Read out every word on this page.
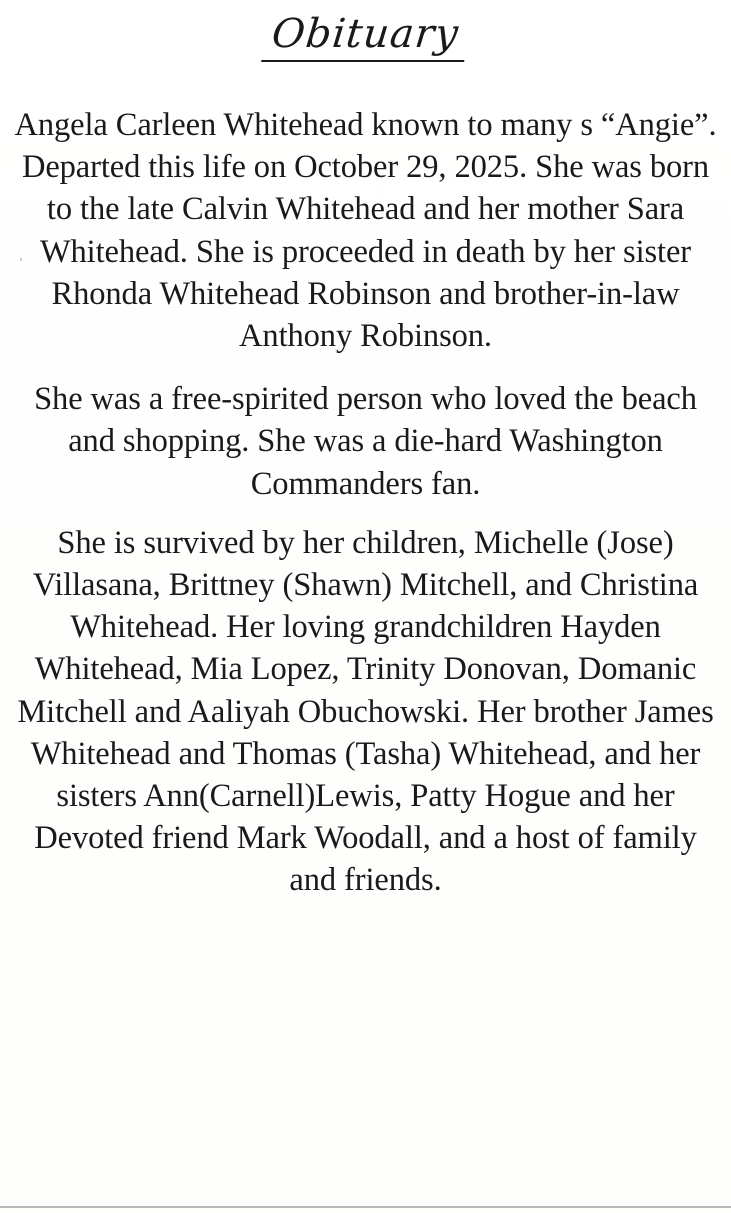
Obituary

Angela Carleen Whitehead known to many s “Angie”. Departed this life on October 29, 2025. She was born to the late Calvin Whitehead and her mother Sara Whitehead. She is proceeded in death by her sister Rhonda Whitehead Robinson and brother-in-law Anthony Robinson.

She was a free-spirited person who loved the beach and shopping. She was a die-hard Washington Commanders fan.

She is survived by her children, Michelle (Jose) Villasana, Brittney (Shawn) Mitchell, and Christina Whitehead. Her loving grandchildren Hayden Whitehead, Mia Lopez, Trinity Donovan, Domanic Mitchell and Aaliyah Obuchowski. Her brother James Whitehead and Thomas (Tasha) Whitehead, and her sisters Ann(Carnell)Lewis, Patty Hogue and her Devoted friend Mark Woodall, and a host of family and friends.
